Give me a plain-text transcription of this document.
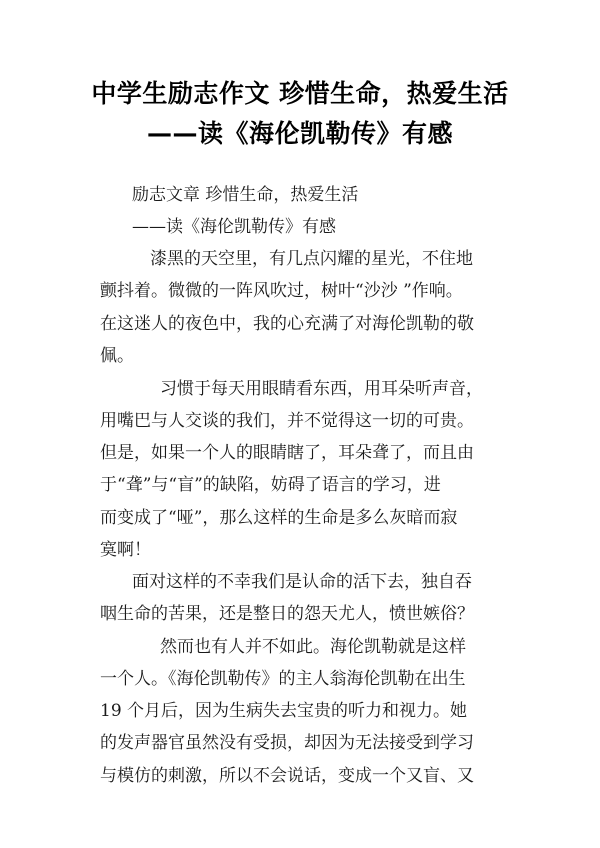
中学生励志作文 珍惜生命，热爱生活
——读《海伦凯勒传》有感
励志文章 珍惜生命，热爱生活
——读《海伦凯勒传》有感
漆黑的天空里，有几点闪耀的星光，不住地
颤抖着。微微的一阵风吹过，树叶“沙沙 ”作响。
在这迷人的夜色中，我的心充满了对海伦凯勒的敬
佩。
习惯于每天用眼睛看东西，用耳朵听声音，
用嘴巴与人交谈的我们，并不觉得这一切的可贵。
但是，如果一个人的眼睛瞎了，耳朵聋了，而且由
于“聋”与“盲”的缺陷，妨碍了语言的学习，进
而变成了“哑”，那么这样的生命是多么灰暗而寂
寞啊！
面对这样的不幸我们是认命的活下去，独自吞
咽生命的苦果，还是整日的怨天尤人，愤世嫉俗？
然而也有人并不如此。海伦凯勒就是这样
一个人。《海伦凯勒传》的主人翁海伦凯勒在出生
19 个月后，因为生病失去宝贵的听力和视力。她
的发声器官虽然没有受损，却因为无法接受到学习
与模仿的刺激，所以不会说话，变成一个又盲、又
